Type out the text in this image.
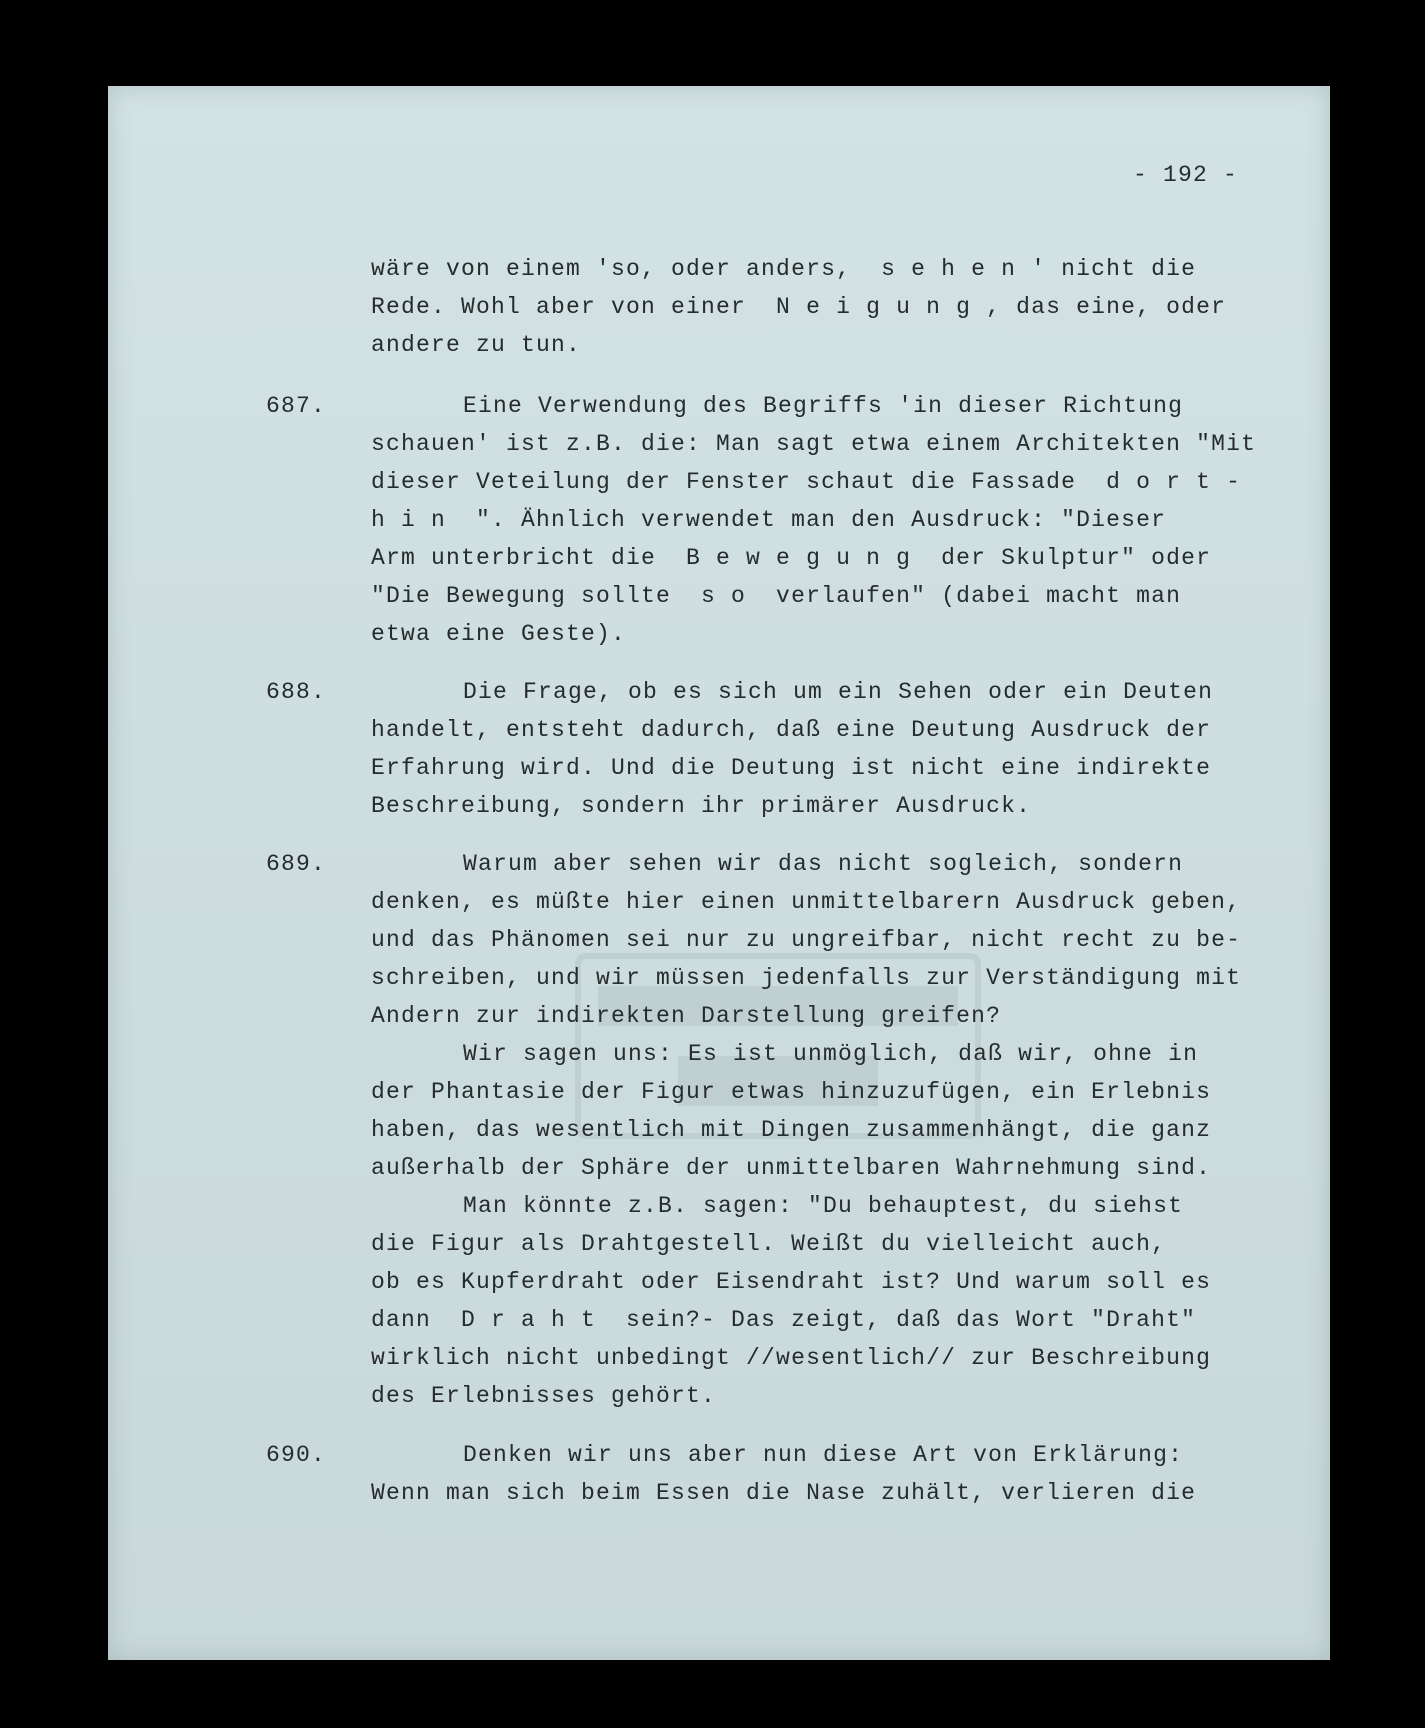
- 192 -
wäre von einem 'so, oder anders,  s e h e n ' nicht die
Rede. Wohl aber von einer  N e i g u n g , das eine, oder
andere zu tun.
687.	Eine Verwendung des Begriffs 'in dieser Richtung
schauen' ist z.B. die: Man sagt etwa einem Architekten "Mit
dieser Veteilung der Fenster schaut die Fassade  d o r t -
h i n  ". Ähnlich verwendet man den Ausdruck: "Dieser
Arm unterbricht die  B e w e g u n g  der Skulptur" oder
"Die Bewegung sollte  s o  verlaufen" (dabei macht man
etwa eine Geste).
688.	Die Frage, ob es sich um ein Sehen oder ein Deuten
handelt, entsteht dadurch, daß eine Deutung Ausdruck der
Erfahrung wird. Und die Deutung ist nicht eine indirekte
Beschreibung, sondern ihr primärer Ausdruck.
689.	Warum aber sehen wir das nicht sogleich, sondern
denken, es müßte hier einen unmittelbarern Ausdruck geben,
und das Phänomen sei nur zu ungreifbar, nicht recht zu be-
schreiben, und wir müssen jedenfalls zur Verständigung mit
Andern zur indirekten Darstellung greifen?
Wir sagen uns: Es ist unmöglich, daß wir, ohne in
der Phantasie der Figur etwas hinzuzufügen, ein Erlebnis
haben, das wesentlich mit Dingen zusammenhängt, die ganz
außerhalb der Sphäre der unmittelbaren Wahrnehmung sind.
Man könnte z.B. sagen: "Du behauptest, du siehst
die Figur als Drahtgestell. Weißt du vielleicht auch,
ob es Kupferdraht oder Eisendraht ist? Und warum soll es
dann  D r a h t  sein?- Das zeigt, daß das Wort "Draht"
wirklich nicht unbedingt //wesentlich// zur Beschreibung
des Erlebnisses gehört.
690.	Denken wir uns aber nun diese Art von Erklärung:
Wenn man sich beim Essen die Nase zuhält, verlieren die
